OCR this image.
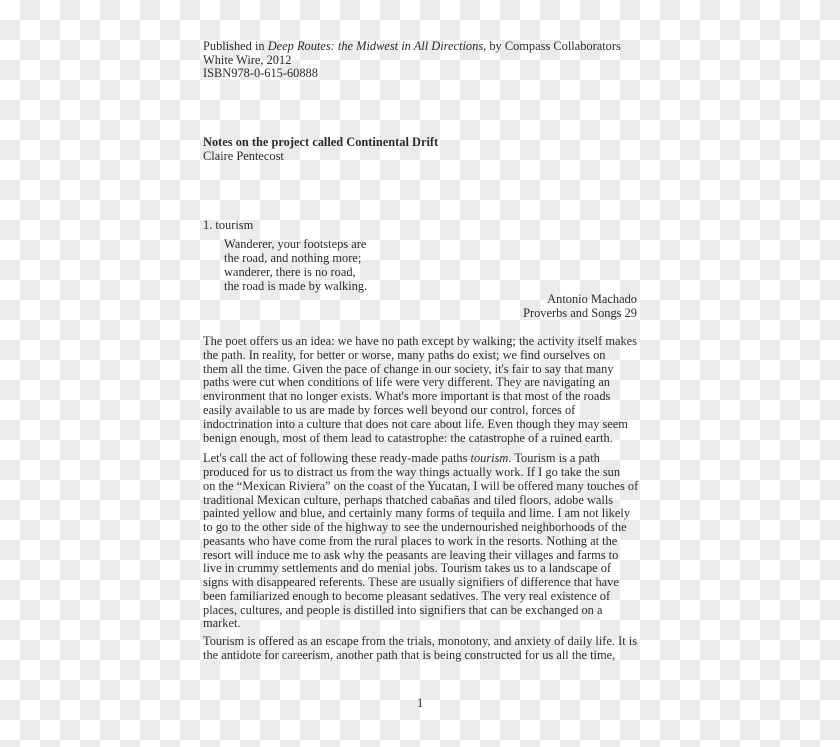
Published in Deep Routes: the Midwest in All Directions, by Compass Collaborators
White Wire, 2012
ISBN978-0-615-60888
Notes on the project called Continental Drift
Claire Pentecost
1. tourism
Wanderer, your footsteps are
the road, and nothing more;
wanderer, there is no road,
the road is made by walking.
Antonio Machado
Proverbs and Songs 29
The poet offers us an idea: we have no path except by walking; the activity itself makes
the path. In reality, for better or worse, many paths do exist; we find ourselves on
them all the time. Given the pace of change in our society, it's fair to say that many
paths were cut when conditions of life were very different. They are navigating an
environment that no longer exists. What's more important is that most of the roads
easily available to us are made by forces well beyond our control, forces of
indoctrination into a culture that does not care about life. Even though they may seem
benign enough, most of them lead to catastrophe: the catastrophe of a ruined earth.
Let's call the act of following these ready-made paths tourism. Tourism is a path
produced for us to distract us from the way things actually work. If I go take the sun
on the “Mexican Riviera” on the coast of the Yucatan, I will be offered many touches of
traditional Mexican culture, perhaps thatched cabañas and tiled floors, adobe walls
painted yellow and blue, and certainly many forms of tequila and lime. I am not likely
to go to the other side of the highway to see the undernourished neighborhoods of the
peasants who have come from the rural places to work in the resorts. Nothing at the
resort will induce me to ask why the peasants are leaving their villages and farms to
live in crummy settlements and do menial jobs. Tourism takes us to a landscape of
signs with disappeared referents. These are usually signifiers of difference that have
been familiarized enough to become pleasant sedatives. The very real existence of
places, cultures, and people is distilled into signifiers that can be exchanged on a
market.
Tourism is offered as an escape from the trials, monotony, and anxiety of daily life. It is
the antidote for careerism, another path that is being constructed for us all the time,
1
